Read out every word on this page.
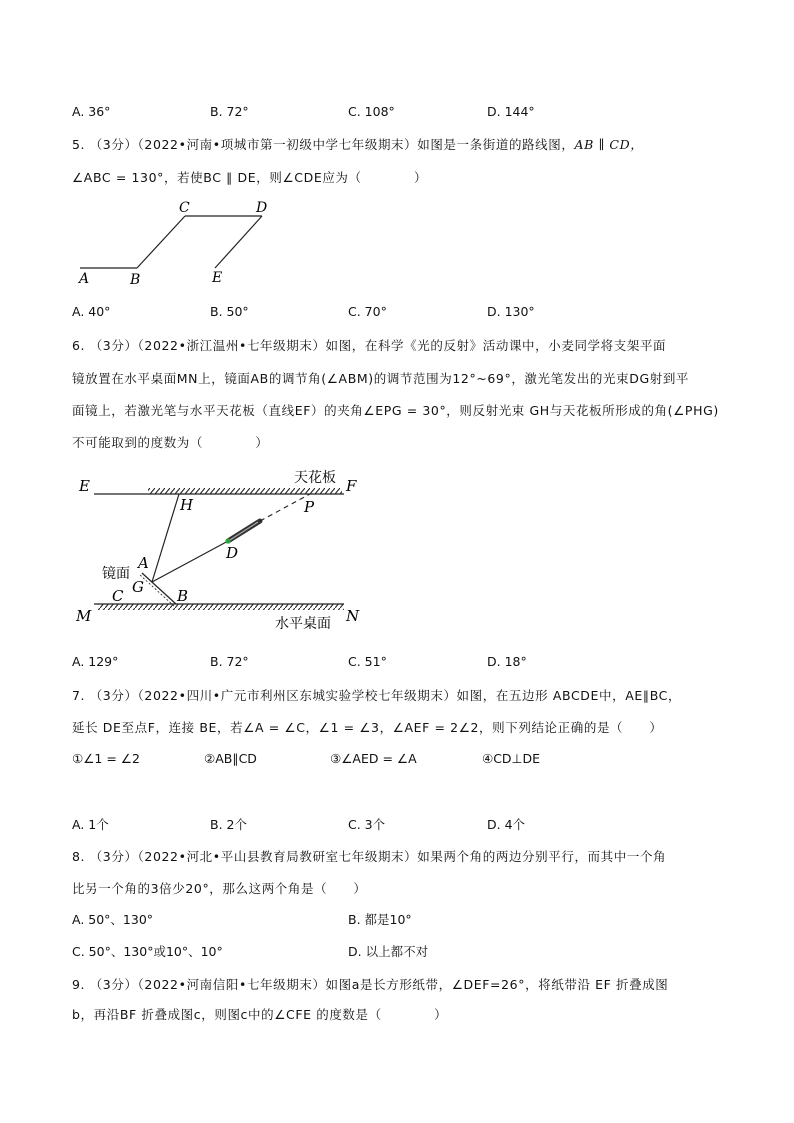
A. 36°	B. 72°	C. 108°	D. 144°
5. （3分）（2022•河南•项城市第一初级中学七年级期末）如图是一条街道的路线图，AB ∥ CD，
∠ABC = 130°，若使BC ∥ DE，则∠CDE应为（　　　　）
A	B
C	D
E
A. 40°	B. 50°	C. 70°	D. 130°
6. （3分）（2022•浙江温州•七年级期末）如图，在科学《光的反射》活动课中，小麦同学将支架平面
镜放置在水平桌面MN上，镜面AB的调节角(∠ABM)的调节范围为12°~69°，激光笔发出的光束DG射到平
面镜上，若激光笔与水平天花板（直线EF）的夹角∠EPG = 30°，则反射光束 GH与天花板所形成的角(∠PHG)
不可能取到的度数为（　　　　）
E	F
天花板
H	P
D
A
镜面
G
C	B
M	N
水平桌面
A. 129°	B. 72°	C. 51°	D. 18°
7. （3分）（2022•四川•广元市利州区东城实验学校七年级期末）如图，在五边形 ABCDE中，AE∥BC，
延长 DE至点F，连接 BE，若∠A = ∠C，∠1 = ∠3，∠AEF = 2∠2，则下列结论正确的是（　　）
①∠1 = ∠2	②AB∥CD	③∠AED = ∠A	④CD⊥DE
A. 1个	B. 2个	C. 3个	D. 4个
8. （3分）（2022•河北•平山县教育局教研室七年级期末）如果两个角的两边分别平行，而其中一个角
比另一个角的3倍少20°，那么这两个角是（　　）
A. 50°、130°	B. 都是10°
C. 50°、130°或10°、10°	D. 以上都不对
9. （3分）（2022•河南信阳•七年级期末）如图a是长方形纸带，∠DEF=26°，将纸带沿 EF 折叠成图
b，再沿BF 折叠成图c，则图c中的∠CFE 的度数是（　　　　）
